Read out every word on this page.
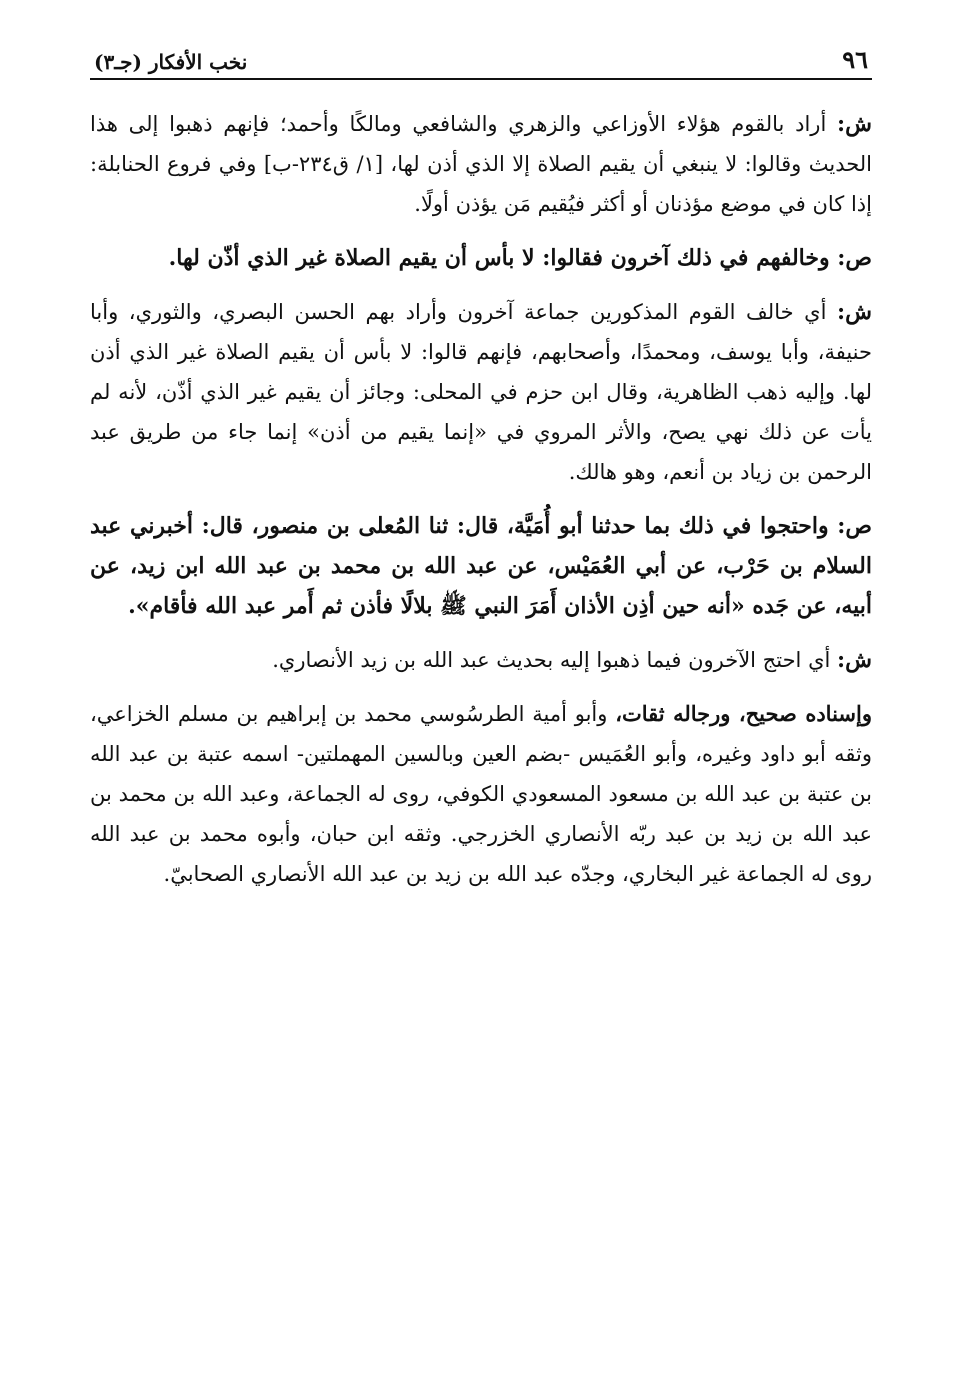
٩٦
نخب الأفكار (جـ٣)

ش: أراد بالقوم هؤلاء الأوزاعي والزهري والشافعي ومالكًا وأحمد؛ فإنهم ذهبوا إلى هذا الحديث وقالوا: لا ينبغي أن يقيم الصلاة إلا الذي أذن لها، [١/ ق٢٣٤-ب] وفي فروع الحنابلة: إذا كان في موضع مؤذنان أو أكثر فيُقيم مَن يؤذن أولًا.

ص: وخالفهم في ذلك آخرون فقالوا: لا بأس أن يقيم الصلاة غير الذي أذّن لها.

ش: أي خالف القوم المذكورين جماعة آخرون وأراد بهم الحسن البصري، والثوري، وأبا حنيفة، وأبا يوسف، ومحمدًا، وأصحابهم، فإنهم قالوا: لا بأس أن يقيم الصلاة غير الذي أذن لها. وإليه ذهب الظاهرية، وقال ابن حزم في المحلى: وجائز أن يقيم غير الذي أذّن، لأنه لم يأت عن ذلك نهي يصح، والأثر المروي في «إنما يقيم من أذن» إنما جاء من طريق عبد الرحمن بن زياد بن أنعم، وهو هالك.

ص: واحتجوا في ذلك بما حدثنا أبو أُمَيَّة، قال: ثنا المُعلى بن منصور، قال: أخبرني عبد السلام بن حَرْب، عن أبي العُمَيْس، عن عبد الله بن محمد بن عبد الله ابن زيد، عن أبيه، عن جَده «أنه حين أذِن الأذان أَمَرَ النبي ﷺ بلالًا فأذن ثم أَمر عبد الله فأقام».

ش: أي احتج الآخرون فيما ذهبوا إليه بحديث عبد الله بن زيد الأنصاري.

وإسناده صحيح، ورجاله ثقات، وأبو أمية الطرسُوسي محمد بن إبراهيم بن مسلم الخزاعي، وثقه أبو داود وغيره، وأبو العُمَيس -بضم العين وبالسين المهملتين- اسمه عتبة بن عبد الله بن عتبة بن عبد الله بن مسعود المسعودي الكوفي، روى له الجماعة، وعبد الله بن محمد بن عبد الله بن زيد بن عبد ربّه الأنصاري الخزرجي. وثقه ابن حبان، وأبوه محمد بن عبد الله روى له الجماعة غير البخاري، وجدّه عبد الله بن زيد بن عبد الله الأنصاري الصحابيّ.
